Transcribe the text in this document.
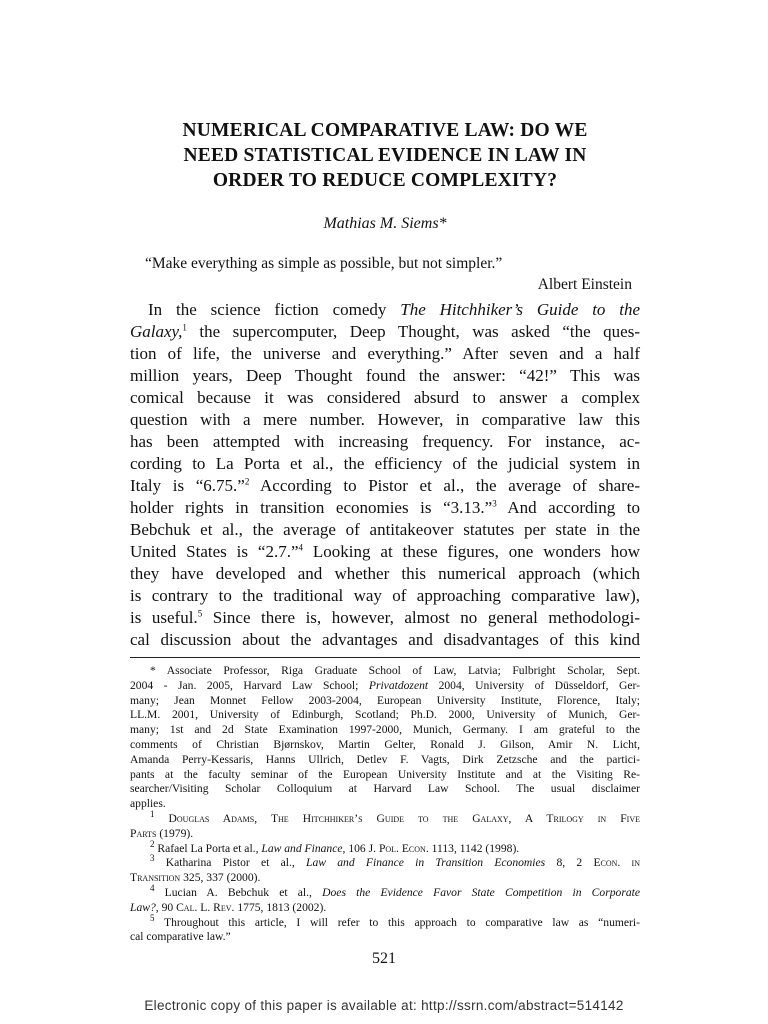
NUMERICAL COMPARATIVE LAW: DO WE
NEED STATISTICAL EVIDENCE IN LAW IN
ORDER TO REDUCE COMPLEXITY?
Mathias M. Siems*
“Make everything as simple as possible, but not simpler.”
Albert Einstein
In the science fiction comedy The Hitchhiker’s Guide to the
Galaxy,$^1$ the supercomputer, Deep Thought, was asked “the ques-
tion of life, the universe and everything.” After seven and a half
million years, Deep Thought found the answer: “42!” This was
comical because it was considered absurd to answer a complex
question with a mere number. However, in comparative law this
has been attempted with increasing frequency. For instance, ac-
cording to La Porta et al., the efficiency of the judicial system in
Italy is “6.75.”$^2$ According to Pistor et al., the average of share-
holder rights in transition economies is “3.13.”$^3$ And according to
Bebchuk et al., the average of antitakeover statutes per state in the
United States is “2.7.”$^4$ Looking at these figures, one wonders how
they have developed and whether this numerical approach (which
is contrary to the traditional way of approaching comparative law),
is useful.$^5$ Since there is, however, almost no general methodologi-
cal discussion about the advantages and disadvantages of this kind
* Associate Professor, Riga Graduate School of Law, Latvia; Fulbright Scholar, Sept.
2004 - Jan. 2005, Harvard Law School; Privatdozent 2004, University of Düsseldorf, Ger-
many; Jean Monnet Fellow 2003-2004, European University Institute, Florence, Italy;
LL.M. 2001, University of Edinburgh, Scotland; Ph.D. 2000, University of Munich, Ger-
many; 1st and 2d State Examination 1997-2000, Munich, Germany. I am grateful to the
comments of Christian Bjørnskov, Martin Gelter, Ronald J. Gilson, Amir N. Licht,
Amanda Perry-Kessaris, Hanns Ullrich, Detlev F. Vagts, Dirk Zetzsche and the partici-
pants at the faculty seminar of the European University Institute and at the Visiting Re-
searcher/Visiting Scholar Colloquium at Harvard Law School. The usual disclaimer
applies.
$^1$ Douglas Adams, The Hitchhiker’s Guide to the Galaxy, A Trilogy in Five
Parts (1979).
$^2$ Rafael La Porta et al., Law and Finance, 106 J. Pol. Econ. 1113, 1142 (1998).
$^3$ Katharina Pistor et al., Law and Finance in Transition Economies 8, 2 Econ. in
Transition 325, 337 (2000).
$^4$ Lucian A. Bebchuk et al., Does the Evidence Favor State Competition in Corporate
Law?, 90 Cal. L. Rev. 1775, 1813 (2002).
$^5$ Throughout this article, I will refer to this approach to comparative law as “numeri-
cal comparative law.”
521
Electronic copy of this paper is available at: http://ssrn.com/abstract=514142
